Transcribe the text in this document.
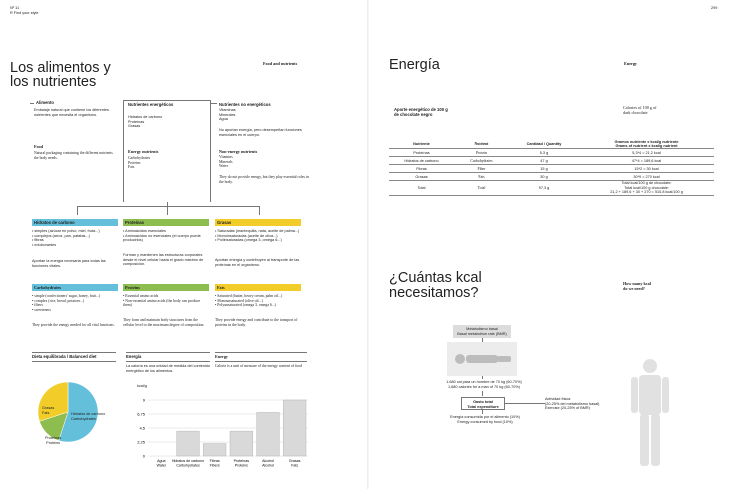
Nº 11
R Find your style
Los alimentos y
los nutrientes
Food and nutrients
Alimento
Embalaje natural que contiene los diferentes nutrientes que necesita el organismo.
Food
Natural packaging containing the different nutrients the body needs.
Nutrientes energéticos
Hidratos de carbono
Proteínas
Grasas
Energy nutrients
Carbohydrates
Proteins
Fats
Nutrientes no energéticos
Vitaminas
Minerales
Agua
No aportan energía, pero desempeñan funciones esenciales en el cuerpo.
Non-energy nutrients
Vitamins
Minerals
Water
They do not provide energy, but they play essential roles in the body.
Hidratos de carbono
• simples (azúcar en polvo, miel, fruta...)
• complejos (arroz, pan, patatas...)
• fibras
• edulcorantes
Aportan la energía necesaria para todas las funciones vitales.
Carbohydrates
• simple (confectioners' sugar, honey, fruit...)
• complex (rice, bread, potatoes...)
• fibers
• sweeteners
They provide the energy needed for all vital functions.
Proteínas
• Aminoácidos esenciales
• Aminoácidos no esenciales (el cuerpo puede producirlos)
Forman y mantienen las estructuras corporales desde el nivel celular hasta el grado máximo de composición.
Proteins
• Essential amino acids
• Non-essential amino acids (the body can produce them)
They form and maintain body structures from the cellular level to the maximum degree of composition.
Grasas
• Saturadas (mantequilla, nata, aceite de palma...)
• Monoinsaturadas (aceite de oliva...)
• Poliinsaturadas (omega 3, omega 6...)
Aportan energía y contribuyen al transporte de las proteínas en el organismo.
Fats
• Saturated (butter, heavy cream, palm oil...)
• Monounsaturated (olive oil...)
• Polyunsaturated (omega 3, omega 6...)
They provide energy and contribute to the transport of proteins in the body.
Dieta equilibrada / Balanced diet
Grasas
Fats	Hidratos de carbono
Carbohydrates
Proteínas
Proteins
Energía
La caloría es una unidad de medida del contenido energético de los alimentos.
Energy
Calorie is a unit of measure of the energy content of food
kcal/g
9
6,75
4,5
2,25
0
Agua
Water
Hidratos de carbono
Carbohydrates
Fibras
Fibers
Proteínas
Proteins
Alcohol
Alcohol
Grasas
Fats
299
Energía	Energy
Aporte energético de 100 g
de chocolate negro
Calories of 100 g of
dark chocolate
Nutriente	Nutrient	Cantidad / Quantity	Gramos nutriente x kcal/g nutriente
Grams of nutrient x kcal/g nutrient
Proteínas	Protein	5,3 g	5,3*4 = 21,2 kcal
Hidratos de carbono	Carbohydrates	47 g	47*4 = 189,6 kcal
Fibras	Fiber	15 g	15*2 = 30 kcal
Grasas	Fats	30 g	30*9 = 270 kcal
Total	Total	97,3 g	Total kcal/100 g de chocolate:
Total kcal/100 g chocolate:
21,2 + 189,6 + 30 + 270 = 510,8 kcal/100 g
¿Cuántas kcal
necesitamos?
How many kcal
do we need?
Metabolismo basal
Basal metabolism rate (BMR)
1.680 cal para un hombre de 70 kg (60-70%)
1,680 calories for a man of 70 kg (60-70%)
Gasto total
Total expenditure
Actividad física
(20-25% del metabolismo basal)
Exercise (20-25% of BMR)
Energía consumida por el alimento (10%)
Energy consumed by food (10%)
